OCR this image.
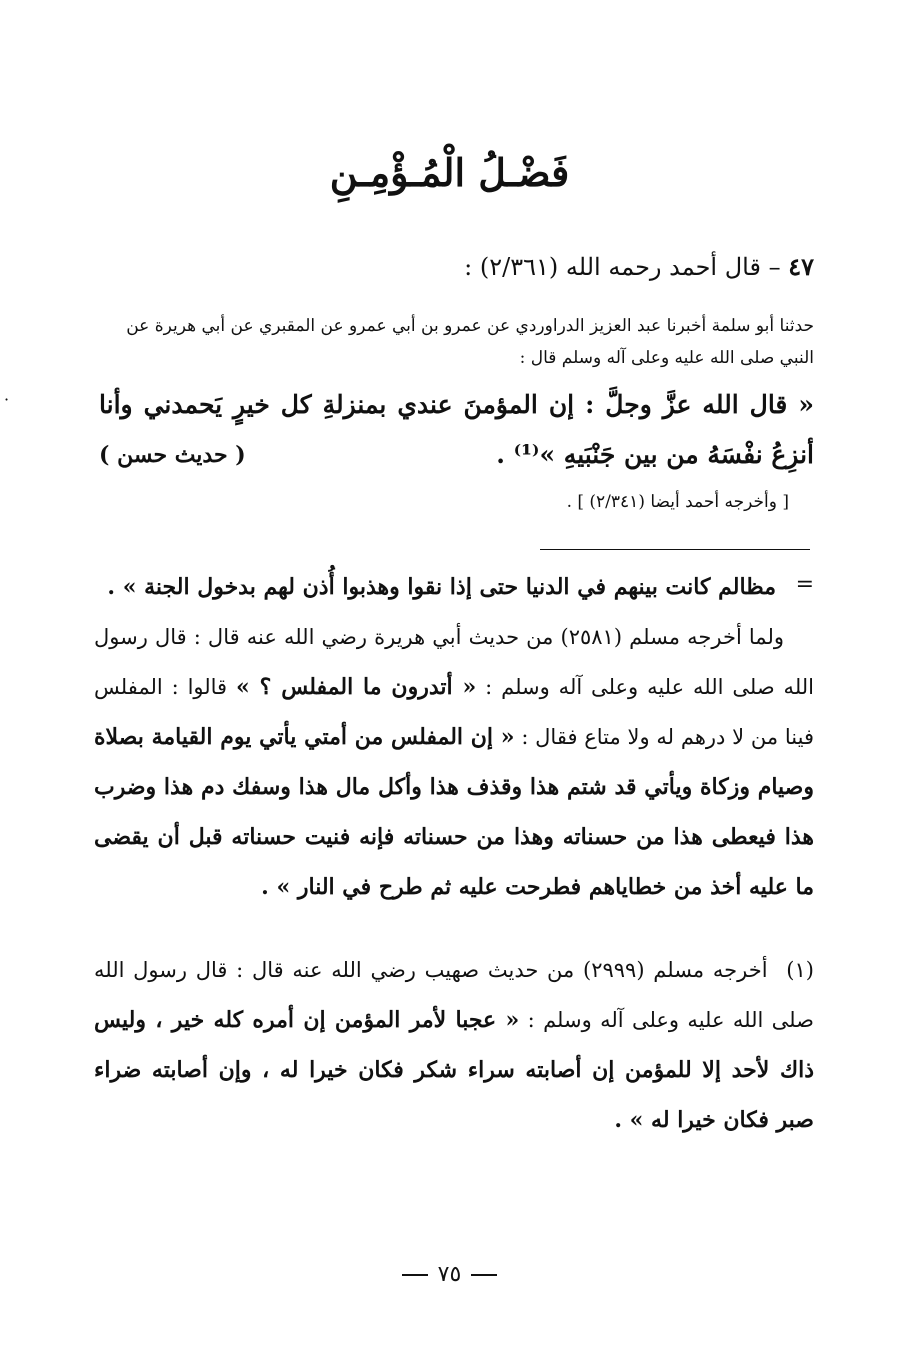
فَضْـلُ الْمُـؤْمِـنِ
٤٧ – قال أحمد رحمه الله (٢/٣٦١) :
حدثنا أبو سلمة أخبرنا عبد العزيز الدراوردي عن عمرو بن أبي عمرو عن المقبري عن أبي هريرة عن النبي صلى الله عليه وعلى آله وسلم قال :
« قال الله عزَّ وجلَّ : إن المؤمنَ عندي بمنزلةِ كل خيرٍ يَحمدني وأنا أنزِعُ نفْسَهُ من بين جَنْبَيهِ »⁽¹⁾ .
( حديث حسن )
[ وأخرجه أحمد أيضا (٢/٣٤١) ] .
مظالم كانت بينهم في الدنيا حتى إذا نقوا وهذبوا أُذن لهم بدخول الجنة » .
ولما أخرجه مسلم (٢٥٨١) من حديث أبي هريرة رضي الله عنه قال : قال رسول الله صلى الله عليه وعلى آله وسلم : « أتدرون ما المفلس ؟ » قالوا : المفلس فينا من لا درهم له ولا متاع فقال : « إن المفلس من أمتي يأتي يوم القيامة بصلاة وصيام وزكاة ويأتي قد شتم هذا وقذف هذا وأكل مال هذا وسفك دم هذا وضرب هذا فيعطى هذا من حسناته وهذا من حسناته فإنه فنيت حسناته قبل أن يقضى ما عليه أخذ من خطاياهم فطرحت عليه ثم طرح في النار » .
=
(١) أخرجه مسلم (٢٩٩٩) من حديث صهيب رضي الله عنه قال : قال رسول الله صلى الله عليه وعلى آله وسلم : « عجبا لأمر المؤمن إن أمره كله خير ، وليس ذاك لأحد إلا للمؤمن إن أصابته سراء شكر فكان خيرا له ، وإن أصابته ضراء صبر فكان خيرا له » .
٧٥
·
